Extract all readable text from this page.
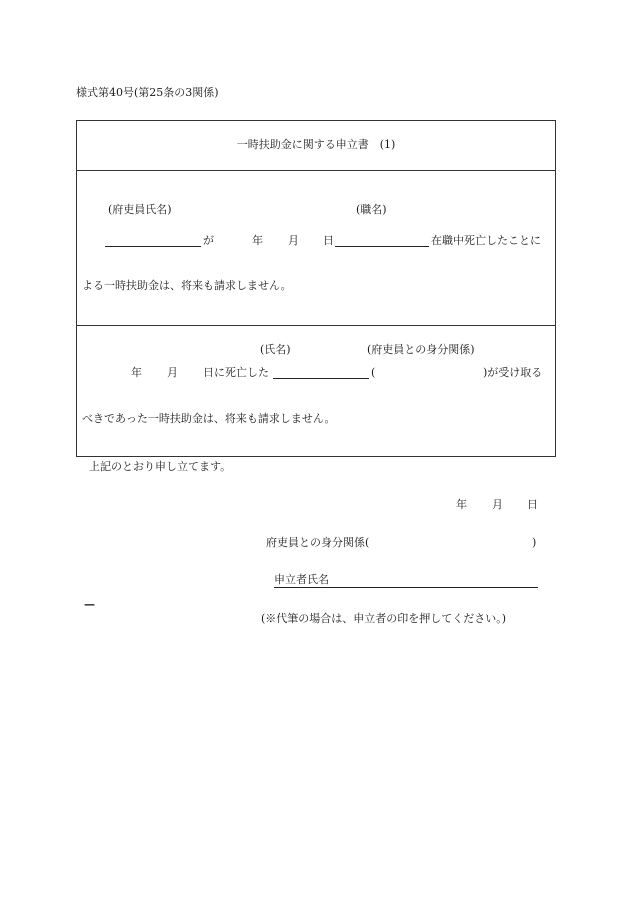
様式第40号(第25条の3関係)
一時扶助金に関する申立書　(1)
(府吏員氏名)	(職名)
が	年 月 日	在職中死亡したことに
よる一時扶助金は、将来も請求しません。
(氏名)	(府吏員との身分関係)
年 月 日に死亡した	(	)が受け取る
べきであった一時扶助金は、将来も請求しません。
上記のとおり申し立てます。
年 月 日
府吏員との身分関係(	)
申立者氏名
—
(※代筆の場合は、申立者の印を押してください。)
